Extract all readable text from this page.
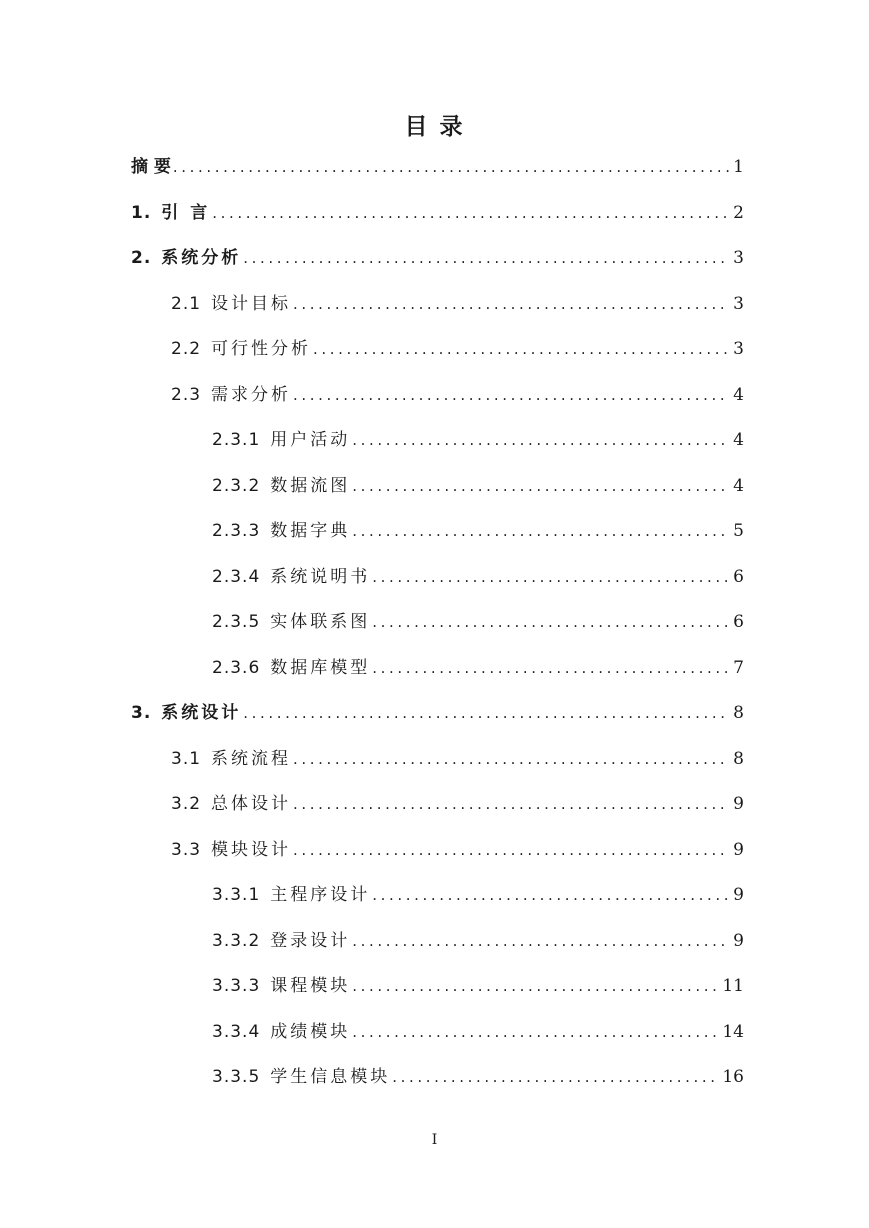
目 录
摘 要 .....	1
1. 引 言 .....	2
2. 系统分析 .....	3
2.1 设计目标 .....	3
2.2 可行性分析 .....	3
2.3 需求分析 .....	4
2.3.1 用户活动 .....	4
2.3.2 数据流图 .....	4
2.3.3 数据字典 .....	5
2.3.4 系统说明书 .....	6
2.3.5 实体联系图 .....	6
2.3.6 数据库模型 .....	7
3. 系统设计 .....	8
3.1 系统流程 .....	8
3.2 总体设计 .....	9
3.3 模块设计 .....	9
3.3.1 主程序设计 .....	9
3.3.2 登录设计 .....	9
3.3.3 课程模块 .....	11
3.3.4 成绩模块 .....	14
3.3.5 学生信息模块 .....	16
I
